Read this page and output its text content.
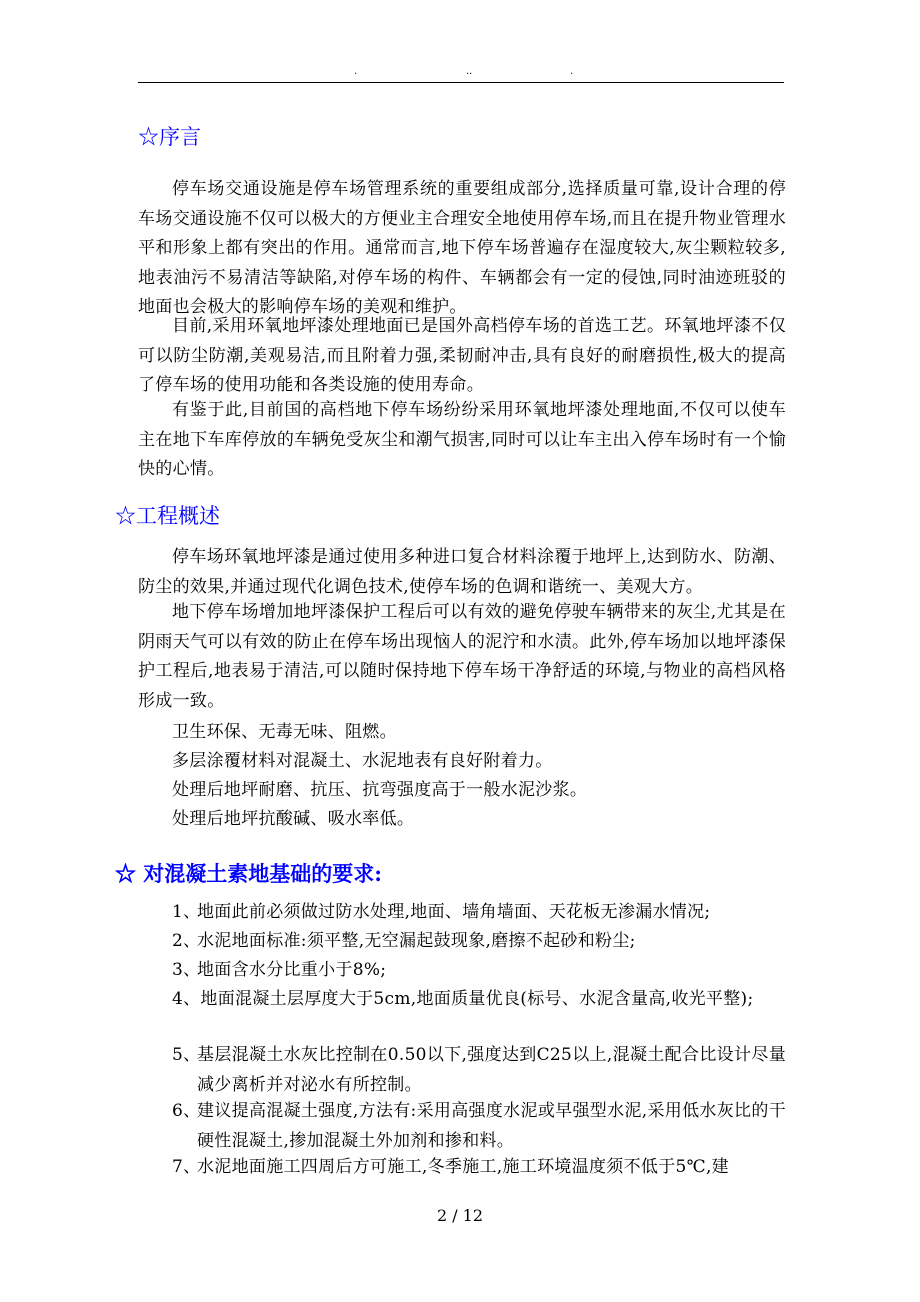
.	..	.
☆序言

停车场交通设施是停车场管理系统的重要组成部分,选择质量可靠,设计合理的停车场交通设施不仅可以极大的方便业主合理安全地使用停车场,而且在提升物业管理水平和形象上都有突出的作用。通常而言,地下停车场普遍存在湿度较大,灰尘颗粒较多,地表油污不易清洁等缺陷,对停车场的构件、车辆都会有一定的侵蚀,同时油迹班驳的地面也会极大的影响停车场的美观和维护。

目前,采用环氧地坪漆处理地面已是国外高档停车场的首选工艺。环氧地坪漆不仅可以防尘防潮,美观易洁,而且附着力强,柔韧耐冲击,具有良好的耐磨损性,极大的提高了停车场的使用功能和各类设施的使用寿命。

有鉴于此,目前国的高档地下停车场纷纷采用环氧地坪漆处理地面,不仅可以使车主在地下车库停放的车辆免受灰尘和潮气损害,同时可以让车主出入停车场时有一个愉快的心情。

☆工程概述

停车场环氧地坪漆是通过使用多种进口复合材料涂覆于地坪上,达到防水、防潮、防尘的效果,并通过现代化调色技术,使停车场的色调和谐统一、美观大方。

地下停车场增加地坪漆保护工程后可以有效的避免停驶车辆带来的灰尘,尤其是在阴雨天气可以有效的防止在停车场出现恼人的泥泞和水渍。此外,停车场加以地坪漆保护工程后,地表易于清洁,可以随时保持地下停车场干净舒适的环境,与物业的高档风格形成一致。

卫生环保、无毒无味、阻燃。

多层涂覆材料对混凝土、水泥地表有良好附着力。

处理后地坪耐磨、抗压、抗弯强度高于一般水泥沙浆。

处理后地坪抗酸碱、吸水率低。

☆ 对混凝土素地基础的要求:
1、
地面此前必须做过防水处理,地面、墙角墙面、天花板无渗漏水情况;
2、
水泥地面标准:须平整,无空漏起鼓现象,磨擦不起砂和粉尘;
3、
地面含水分比重小于8%;
4、地面混凝土层厚度大于5cm,地面质量优良(标号、水泥含量高,收光平整);
5、
基层混凝土水灰比控制在0.50以下,强度达到C25以上,混凝土配合比设计尽量减少离析并对泌水有所控制。
6、
建议提高混凝土强度,方法有:采用高强度水泥或早强型水泥,采用低水灰比的干硬性混凝土,掺加混凝土外加剂和掺和料。
7、
水泥地面施工四周后方可施工,冬季施工,施工环境温度须不低于5℃,建
2 / 12
